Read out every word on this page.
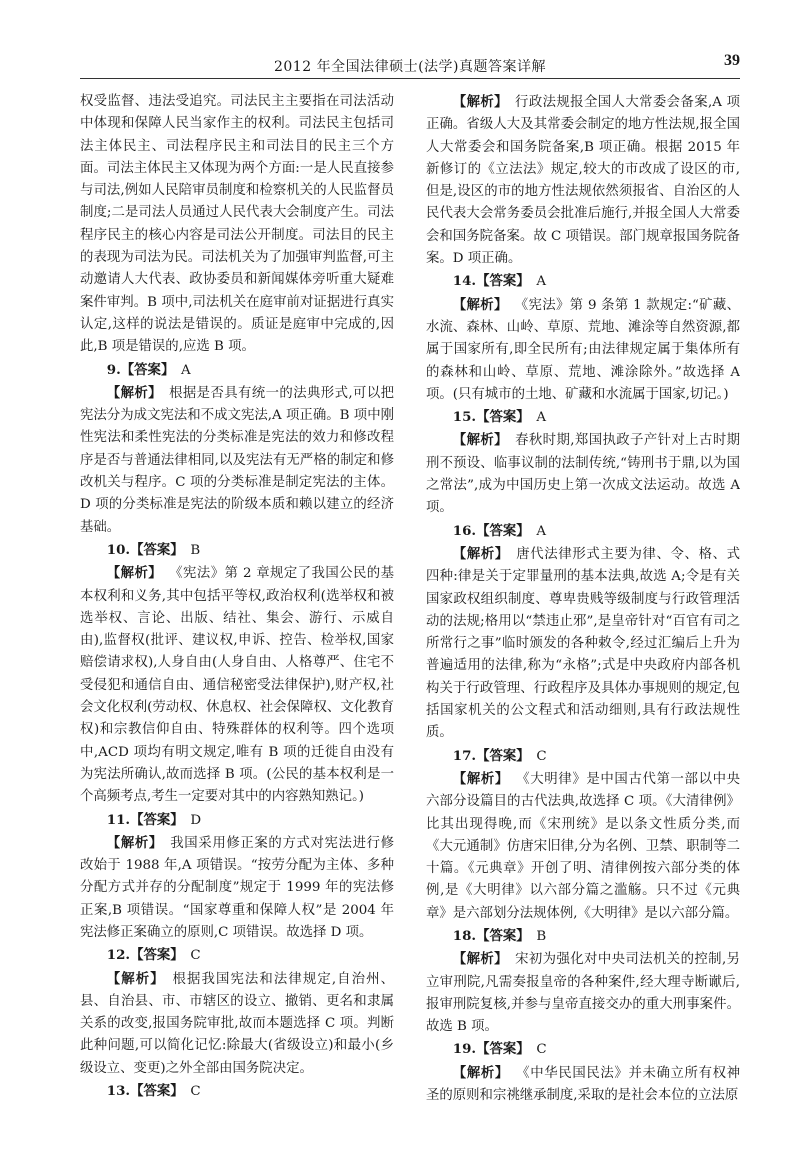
2012 年全国法律硕士(法学)真题答案详解	39

权受监督、违法受追究。司法民主主要指在司法活动中体现和保障人民当家作主的权利。司法民主包括司法主体民主、司法程序民主和司法目的民主三个方面。司法主体民主又体现为两个方面:一是人民直接参与司法,例如人民陪审员制度和检察机关的人民监督员制度;二是司法人员通过人民代表大会制度产生。司法程序民主的核心内容是司法公开制度。司法目的民主的表现为司法为民。司法机关为了加强审判监督,可主动邀请人大代表、政协委员和新闻媒体旁听重大疑难案件审判。B 项中,司法机关在庭审前对证据进行真实认定,这样的说法是错误的。质证是庭审中完成的,因此,B 项是错误的,应选 B 项。

9.【答案】  A

【解析】  根据是否具有统一的法典形式,可以把宪法分为成文宪法和不成文宪法,A 项正确。B 项中刚性宪法和柔性宪法的分类标准是宪法的效力和修改程序是否与普通法律相同,以及宪法有无严格的制定和修改机关与程序。C 项的分类标准是制定宪法的主体。D 项的分类标准是宪法的阶级本质和赖以建立的经济基础。

10.【答案】  B

【解析】  《宪法》第 2 章规定了我国公民的基本权利和义务,其中包括平等权,政治权利(选举权和被选举权、言论、出版、结社、集会、游行、示威自由),监督权(批评、建议权,申诉、控告、检举权,国家赔偿请求权),人身自由(人身自由、人格尊严、住宅不受侵犯和通信自由、通信秘密受法律保护),财产权,社会文化权利(劳动权、休息权、社会保障权、文化教育权)和宗教信仰自由、特殊群体的权利等。四个选项中,ACD 项均有明文规定,唯有 B 项的迁徙自由没有为宪法所确认,故而选择 B 项。(公民的基本权利是一个高频考点,考生一定要对其中的内容熟知熟记。)

11.【答案】  D

【解析】  我国采用修正案的方式对宪法进行修改始于 1988 年,A 项错误。“按劳分配为主体、多种分配方式并存的分配制度”规定于 1999 年的宪法修正案,B 项错误。“国家尊重和保障人权”是 2004 年宪法修正案确立的原则,C 项错误。故选择 D 项。

12.【答案】  C

【解析】  根据我国宪法和法律规定,自治州、县、自治县、市、市辖区的设立、撤销、更名和隶属关系的改变,报国务院审批,故而本题选择 C 项。判断此种问题,可以简化记忆:除最大(省级设立)和最小(乡级设立、变更)之外全部由国务院决定。

13.【答案】  C

【解析】  行政法规报全国人大常委会备案,A 项正确。省级人大及其常委会制定的地方性法规,报全国人大常委会和国务院备案,B 项正确。根据 2015 年新修订的《立法法》规定,较大的市改成了设区的市,但是,设区的市的地方性法规依然须报省、自治区的人民代表大会常务委员会批准后施行,并报全国人大常委会和国务院备案。故 C 项错误。部门规章报国务院备案。D 项正确。

14.【答案】  A

【解析】  《宪法》第 9 条第 1 款规定:“矿藏、水流、森林、山岭、草原、荒地、滩涂等自然资源,都属于国家所有,即全民所有;由法律规定属于集体所有的森林和山岭、草原、荒地、滩涂除外。”故选择 A 项。(只有城市的土地、矿藏和水流属于国家,切记。)

15.【答案】  A

【解析】  春秋时期,郑国执政子产针对上古时期刑不预设、临事议制的法制传统,“铸刑书于鼎,以为国之常法”,成为中国历史上第一次成文法运动。故选 A 项。

16.【答案】  A

【解析】  唐代法律形式主要为律、令、格、式四种:律是关于定罪量刑的基本法典,故选 A;令是有关国家政权组织制度、尊卑贵贱等级制度与行政管理活动的法规;格用以“禁违止邪”,是皇帝针对“百官有司之所常行之事”临时颁发的各种敕令,经过汇编后上升为普遍适用的法律,称为“永格”;式是中央政府内部各机构关于行政管理、行政程序及具体办事规则的规定,包括国家机关的公文程式和活动细则,具有行政法规性质。

17.【答案】  C

【解析】  《大明律》是中国古代第一部以中央六部分设篇目的古代法典,故选择 C 项。《大清律例》比其出现得晚,而《宋刑统》是以条文性质分类,而《大元通制》仿唐宋旧律,分为名例、卫禁、职制等二十篇。《元典章》开创了明、清律例按六部分类的体例,是《大明律》以六部分篇之滥觞。只不过《元典章》是六部划分法规体例,《大明律》是以六部分篇。

18.【答案】  B

【解析】  宋初为强化对中央司法机关的控制,另立审刑院,凡需奏报皇帝的各种案件,经大理寺断谳后,报审刑院复核,并参与皇帝直接交办的重大刑事案件。故选 B 项。

19.【答案】  C

【解析】  《中华民国民法》并未确立所有权神圣的原则和宗祧继承制度,采取的是社会本位的立法原
